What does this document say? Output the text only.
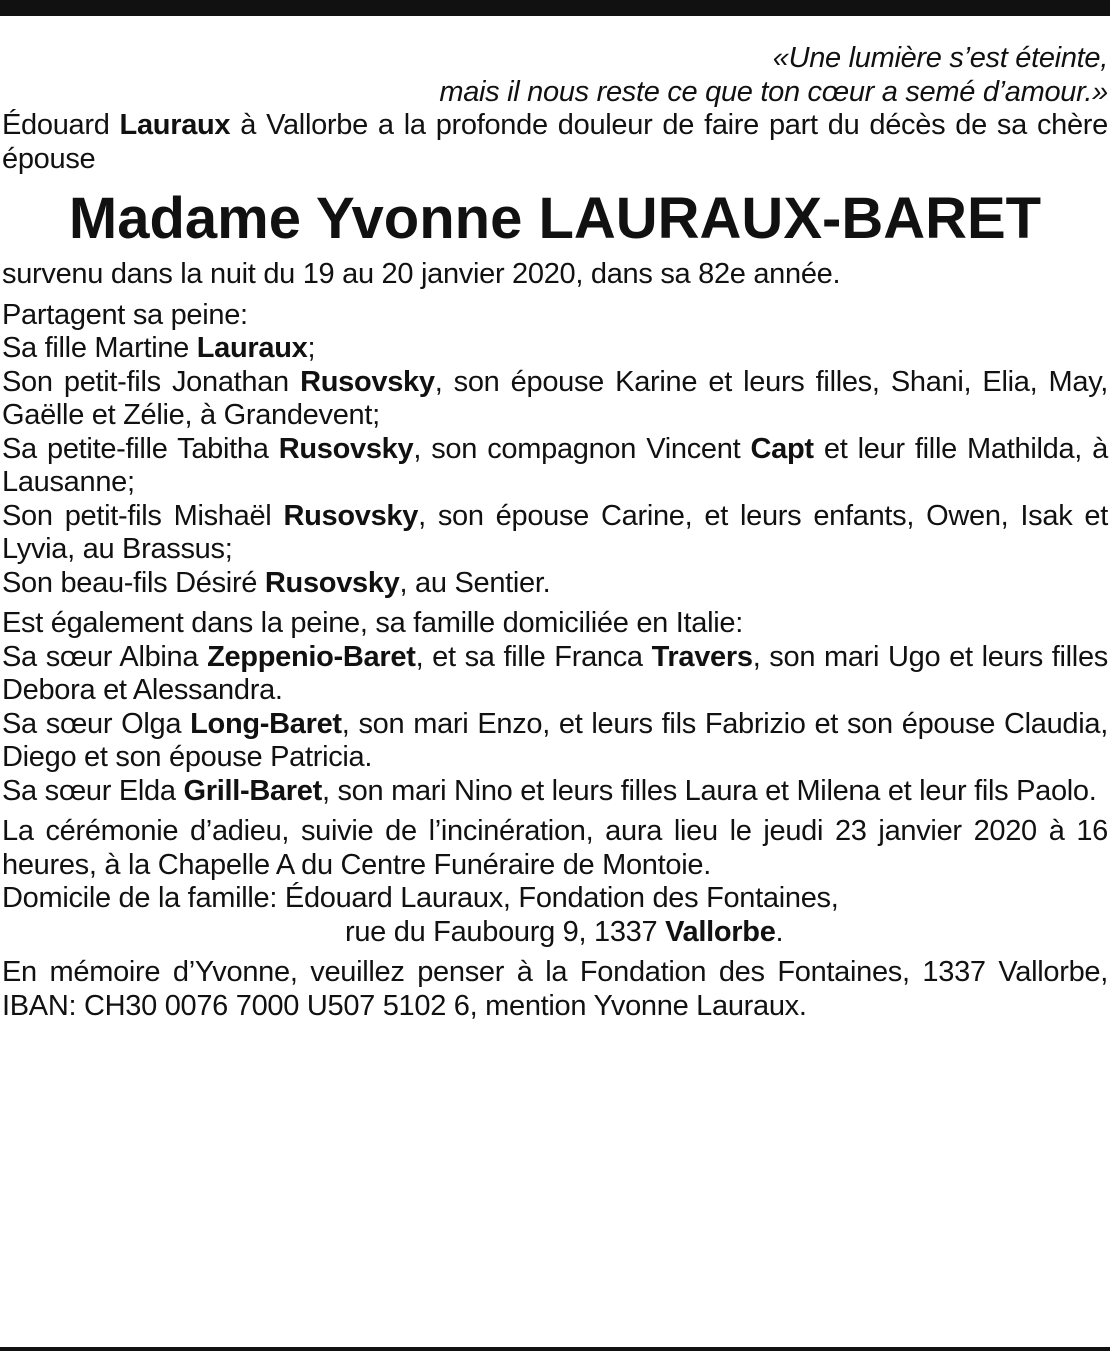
«Une lumière s’est éteinte,
mais il nous reste ce que ton cœur a semé d’amour.»

Édouard Lauraux à Vallorbe a la profonde douleur de faire part du décès de sa chère épouse

Madame Yvonne LAURAUX-BARET

survenu dans la nuit du 19 au 20 janvier 2020, dans sa 82e année.

Partagent sa peine:

Sa fille Martine Lauraux;

Son petit-fils Jonathan Rusovsky, son épouse Karine et leurs filles, Shani, Elia, May, Gaëlle et Zélie, à Grandevent;

Sa petite-fille Tabitha Rusovsky, son compagnon Vincent Capt et leur fille Mathilda, à Lausanne;

Son petit-fils Mishaël Rusovsky, son épouse Carine, et leurs enfants, Owen, Isak et Lyvia, au Brassus;

Son beau-fils Désiré Rusovsky, au Sentier.

Est également dans la peine, sa famille domiciliée en Italie:

Sa sœur Albina Zeppenio-Baret, et sa fille Franca Travers, son mari Ugo et leurs filles Debora et Alessandra.

Sa sœur Olga Long-Baret, son mari Enzo, et leurs fils Fabrizio et son épouse Claudia, Diego et son épouse Patricia.

Sa sœur Elda Grill-Baret, son mari Nino et leurs filles Laura et Milena et leur fils Paolo.

La cérémonie d’adieu, suivie de l’incinération, aura lieu le jeudi 23 janvier 2020 à 16 heures, à la Chapelle A du Centre Funéraire de Montoie.

Domicile de la famille: Édouard Lauraux, Fondation des Fontaines,

rue du Faubourg 9, 1337 Vallorbe.

En mémoire d’Yvonne, veuillez penser à la Fondation des Fontaines, 1337 Vallorbe, IBAN: CH30 0076 7000 U507 5102 6, mention Yvonne Lauraux.
